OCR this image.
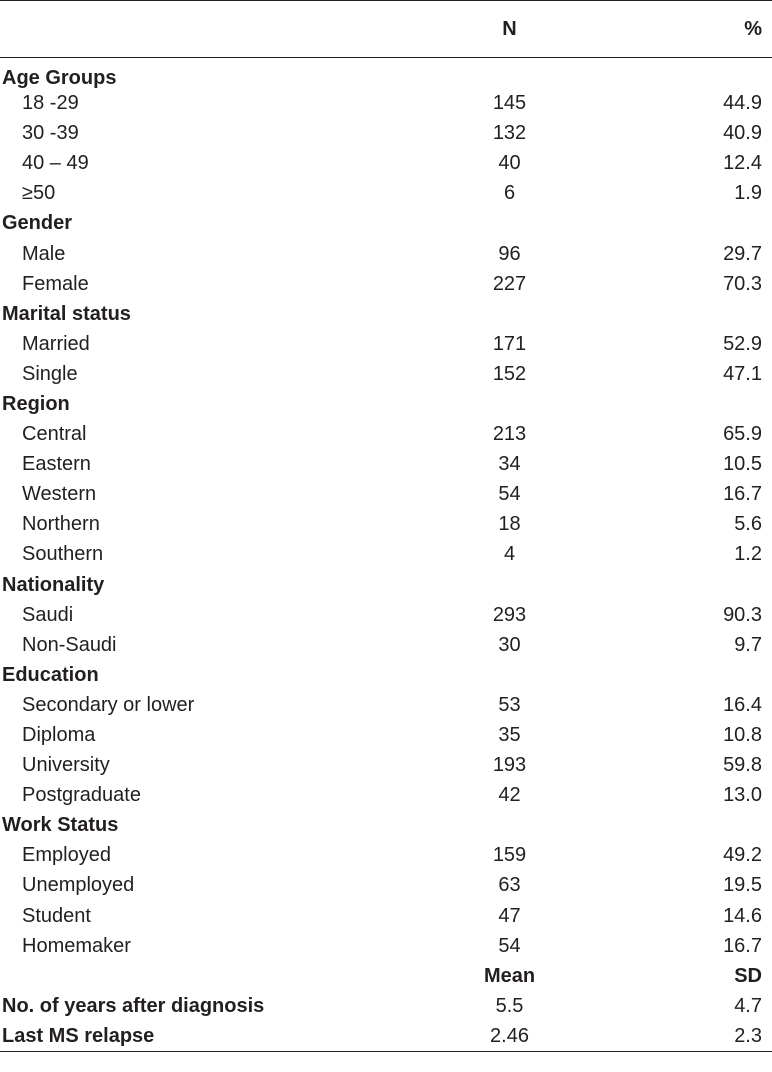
	N	%
Age Groups		
18 -29	145	44.9
30 -39	132	40.9
40 – 49	40	12.4
≥50	6	1.9
Gender		
Male	96	29.7
Female	227	70.3
Marital status		
Married	171	52.9
Single	152	47.1
Region		
Central	213	65.9
Eastern	34	10.5
Western	54	16.7
Northern	18	5.6
Southern	4	1.2
Nationality		
Saudi	293	90.3
Non-Saudi	30	9.7
Education		
Secondary or lower	53	16.4
Diploma	35	10.8
University	193	59.8
Postgraduate	42	13.0
Work Status		
Employed	159	49.2
Unemployed	63	19.5
Student	47	14.6
Homemaker	54	16.7
	Mean	SD
No. of years after diagnosis	5.5	4.7
Last MS relapse	2.46	2.3
